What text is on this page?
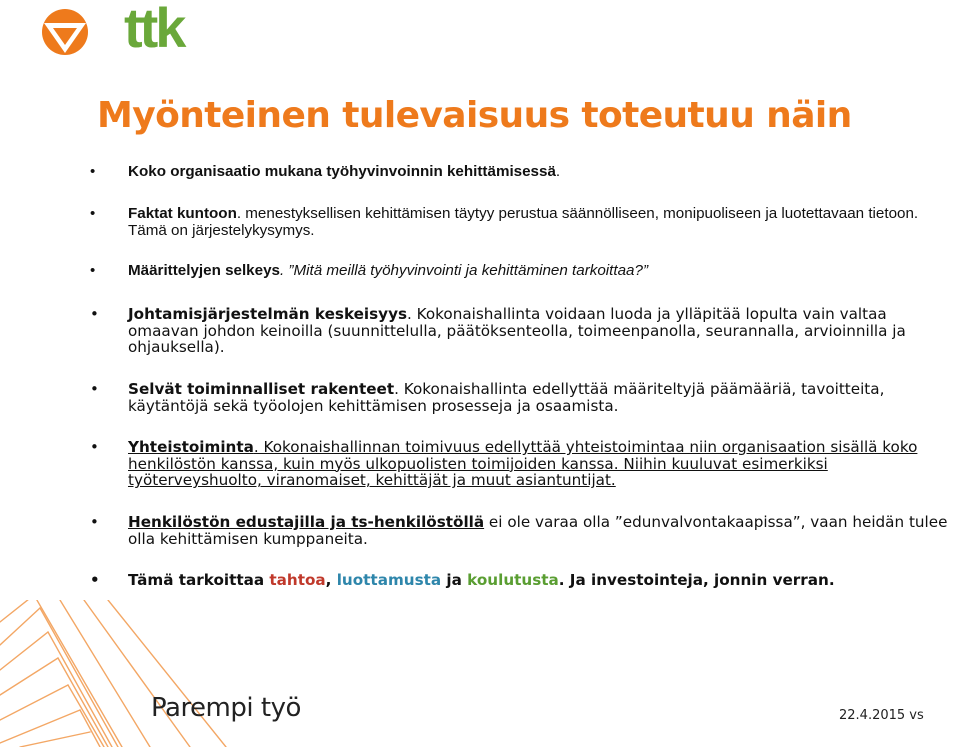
ttk
Myönteinen tulevaisuus toteutuu näin
• Koko organisaatio mukana työhyvinvoinnin kehittämisessä.
• Faktat kuntoon. menestyksellisen kehittämisen täytyy perustua säännölliseen, monipuoliseen ja luotettavaan tietoon. Tämä on järjestelykysymys.
• Määrittelyjen selkeys. ”Mitä meillä työhyvinvointi ja kehittäminen tarkoittaa?”
• Johtamisjärjestelmän keskeisyys. Kokonaishallinta voidaan luoda ja ylläpitää lopulta vain valtaa omaavan johdon keinoilla (suunnittelulla, päätöksenteolla, toimeenpanolla, seurannalla, arvioinnilla ja ohjauksella).
• Selvät toiminnalliset rakenteet. Kokonaishallinta edellyttää määriteltyjä päämääriä, tavoitteita, käytäntöjä sekä työolojen kehittämisen prosesseja ja osaamista.
• Yhteistoiminta. Kokonaishallinnan toimivuus edellyttää yhteistoimintaa niin organisaation sisällä koko henkilöstön kanssa, kuin myös ulkopuolisten toimijoiden kanssa. Niihin kuuluvat esimerkiksi työterveyshuolto, viranomaiset, kehittäjät ja muut asiantuntijat.
• Henkilöstön edustajilla ja ts-henkilöstöllä ei ole varaa olla ”edunvalvontakaapissa”, vaan heidän tulee olla kehittämisen kumppaneita.
• Tämä tarkoittaa tahtoa, luottamusta ja koulutusta. Ja investointeja, jonnin verran.
Parempi työ	22.4.2015 vs
